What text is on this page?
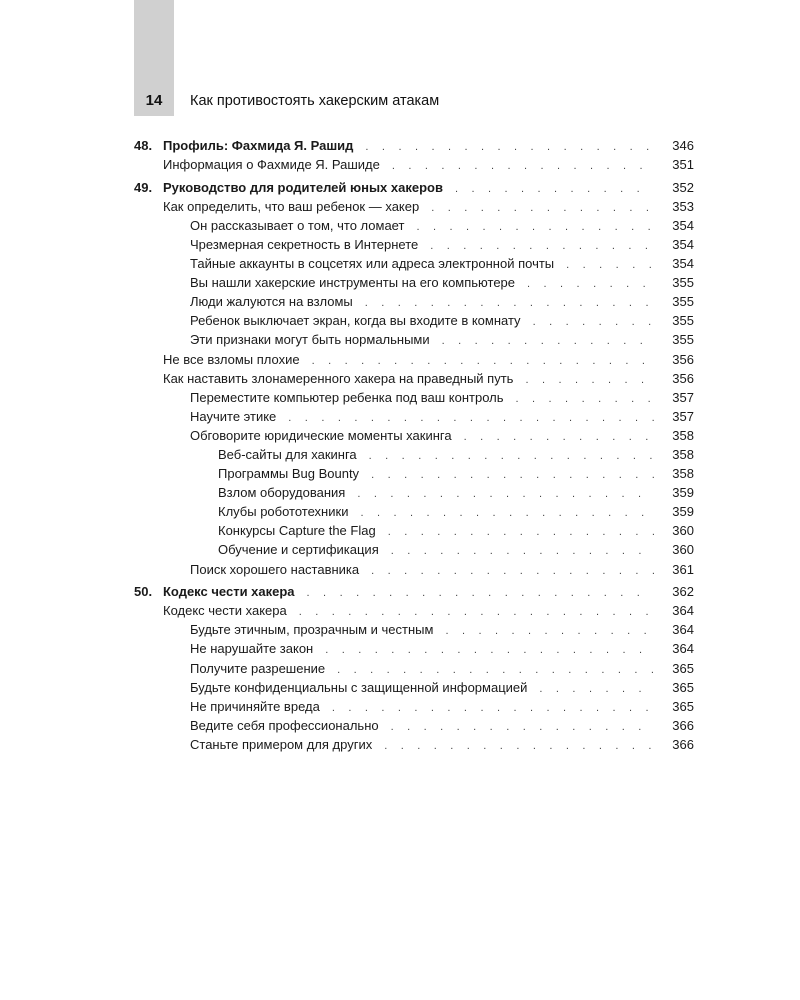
14	Как противостоять хакерским атакам
48. Профиль: Фахмида Я. Рашид . . .	346
Информация о Фахмиде Я. Рашиде . . .	351
49. Руководство для родителей юных хакеров . . .	352
Как определить, что ваш ребенок — хакер . . .	353
Он рассказывает о том, что ломает . . .	354
Чрезмерная секретность в Интернете . . .	354
Тайные аккаунты в соцсетях или адреса электронной почты . . .	354
Вы нашли хакерские инструменты на его компьютере . . .	355
Люди жалуются на взломы . . .	355
Ребенок выключает экран, когда вы входите в комнату . . .	355
Эти признаки могут быть нормальными . . .	355
Не все взломы плохие . . .	356
Как наставить злонамеренного хакера на праведный путь . . .	356
Переместите компьютер ребенка под ваш контроль . . .	357
Научите этике . . .	357
Обговорите юридические моменты хакинга . . .	358
Веб-сайты для хакинга . . .	358
Программы Bug Bounty . . .	358
Взлом оборудования . . .	359
Клубы робототехники . . .	359
Конкурсы Capture the Flag . . .	360
Обучение и сертификация . . .	360
Поиск хорошего наставника . . .	361
50. Кодекс чести хакера . . .	362
Кодекс чести хакера . . .	364
Будьте этичным, прозрачным и честным . . .	364
Не нарушайте закон . . .	364
Получите разрешение . . .	365
Будьте конфиденциальны с защищенной информацией . . .	365
Не причиняйте вреда . . .	365
Ведите себя профессионально . . .	366
Станьте примером для других . . .	366
